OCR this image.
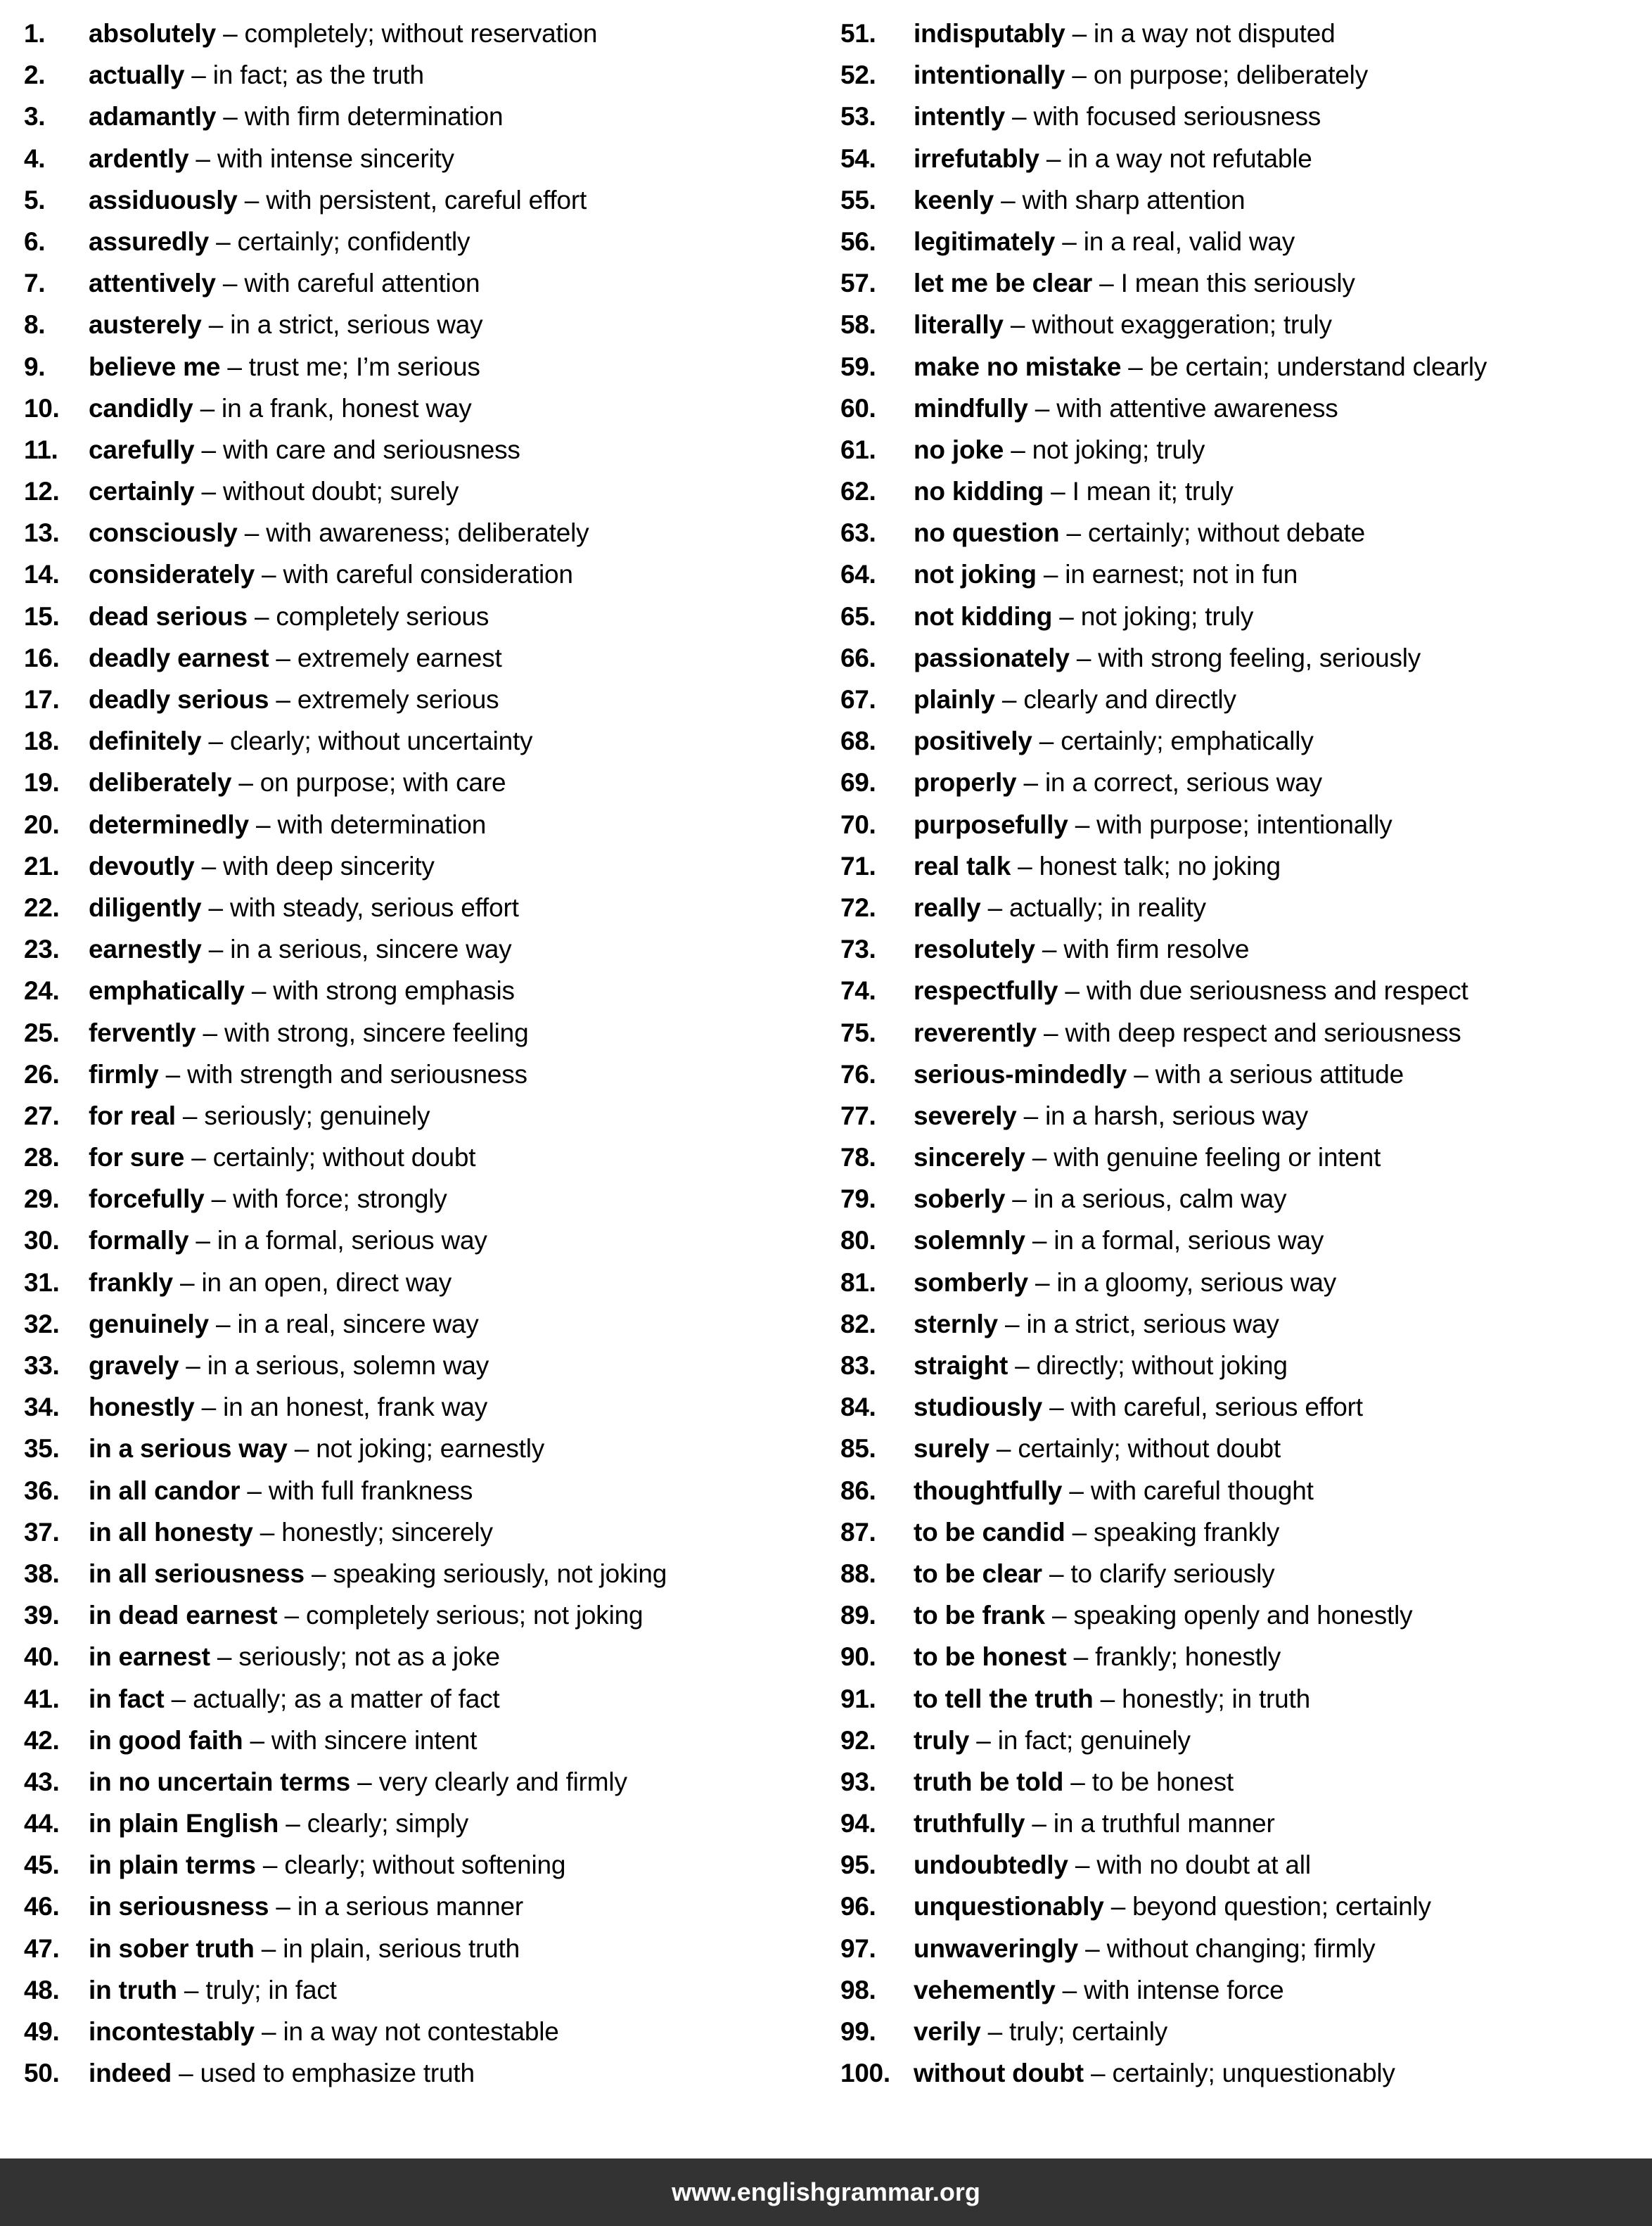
1.	absolutely – completely; without reservation
2.	actually – in fact; as the truth
3.	adamantly – with firm determination
4.	ardently – with intense sincerity
5.	assiduously – with persistent, careful effort
6.	assuredly – certainly; confidently
7.	attentively – with careful attention
8.	austerely – in a strict, serious way
9.	believe me – trust me; I’m serious
10.	candidly – in a frank, honest way
11.	carefully – with care and seriousness
12.	certainly – without doubt; surely
13.	consciously – with awareness; deliberately
14.	considerately – with careful consideration
15.	dead serious – completely serious
16.	deadly earnest – extremely earnest
17.	deadly serious – extremely serious
18.	definitely – clearly; without uncertainty
19.	deliberately – on purpose; with care
20.	determinedly – with determination
21.	devoutly – with deep sincerity
22.	diligently – with steady, serious effort
23.	earnestly – in a serious, sincere way
24.	emphatically – with strong emphasis
25.	fervently – with strong, sincere feeling
26.	firmly – with strength and seriousness
27.	for real – seriously; genuinely
28.	for sure – certainly; without doubt
29.	forcefully – with force; strongly
30.	formally – in a formal, serious way
31.	frankly – in an open, direct way
32.	genuinely – in a real, sincere way
33.	gravely – in a serious, solemn way
34.	honestly – in an honest, frank way
35.	in a serious way – not joking; earnestly
36.	in all candor – with full frankness
37.	in all honesty – honestly; sincerely
38.	in all seriousness – speaking seriously, not joking
39.	in dead earnest – completely serious; not joking
40.	in earnest – seriously; not as a joke
41.	in fact – actually; as a matter of fact
42.	in good faith – with sincere intent
43.	in no uncertain terms – very clearly and firmly
44.	in plain English – clearly; simply
45.	in plain terms – clearly; without softening
46.	in seriousness – in a serious manner
47.	in sober truth – in plain, serious truth
48.	in truth – truly; in fact
49.	incontestably – in a way not contestable
50.	indeed – used to emphasize truth
51.	indisputably – in a way not disputed
52.	intentionally – on purpose; deliberately
53.	intently – with focused seriousness
54.	irrefutably – in a way not refutable
55.	keenly – with sharp attention
56.	legitimately – in a real, valid way
57.	let me be clear – I mean this seriously
58.	literally – without exaggeration; truly
59.	make no mistake – be certain; understand clearly
60.	mindfully – with attentive awareness
61.	no joke – not joking; truly
62.	no kidding – I mean it; truly
63.	no question – certainly; without debate
64.	not joking – in earnest; not in fun
65.	not kidding – not joking; truly
66.	passionately – with strong feeling, seriously
67.	plainly – clearly and directly
68.	positively – certainly; emphatically
69.	properly – in a correct, serious way
70.	purposefully – with purpose; intentionally
71.	real talk – honest talk; no joking
72.	really – actually; in reality
73.	resolutely – with firm resolve
74.	respectfully – with due seriousness and respect
75.	reverently – with deep respect and seriousness
76.	serious-mindedly – with a serious attitude
77.	severely – in a harsh, serious way
78.	sincerely – with genuine feeling or intent
79.	soberly – in a serious, calm way
80.	solemnly – in a formal, serious way
81.	somberly – in a gloomy, serious way
82.	sternly – in a strict, serious way
83.	straight – directly; without joking
84.	studiously – with careful, serious effort
85.	surely – certainly; without doubt
86.	thoughtfully – with careful thought
87.	to be candid – speaking frankly
88.	to be clear – to clarify seriously
89.	to be frank – speaking openly and honestly
90.	to be honest – frankly; honestly
91.	to tell the truth – honestly; in truth
92.	truly – in fact; genuinely
93.	truth be told – to be honest
94.	truthfully – in a truthful manner
95.	undoubtedly – with no doubt at all
96.	unquestionably – beyond question; certainly
97.	unwaveringly – without changing; firmly
98.	vehemently – with intense force
99.	verily – truly; certainly
100. without doubt – certainly; unquestionably
www.englishgrammar.org
